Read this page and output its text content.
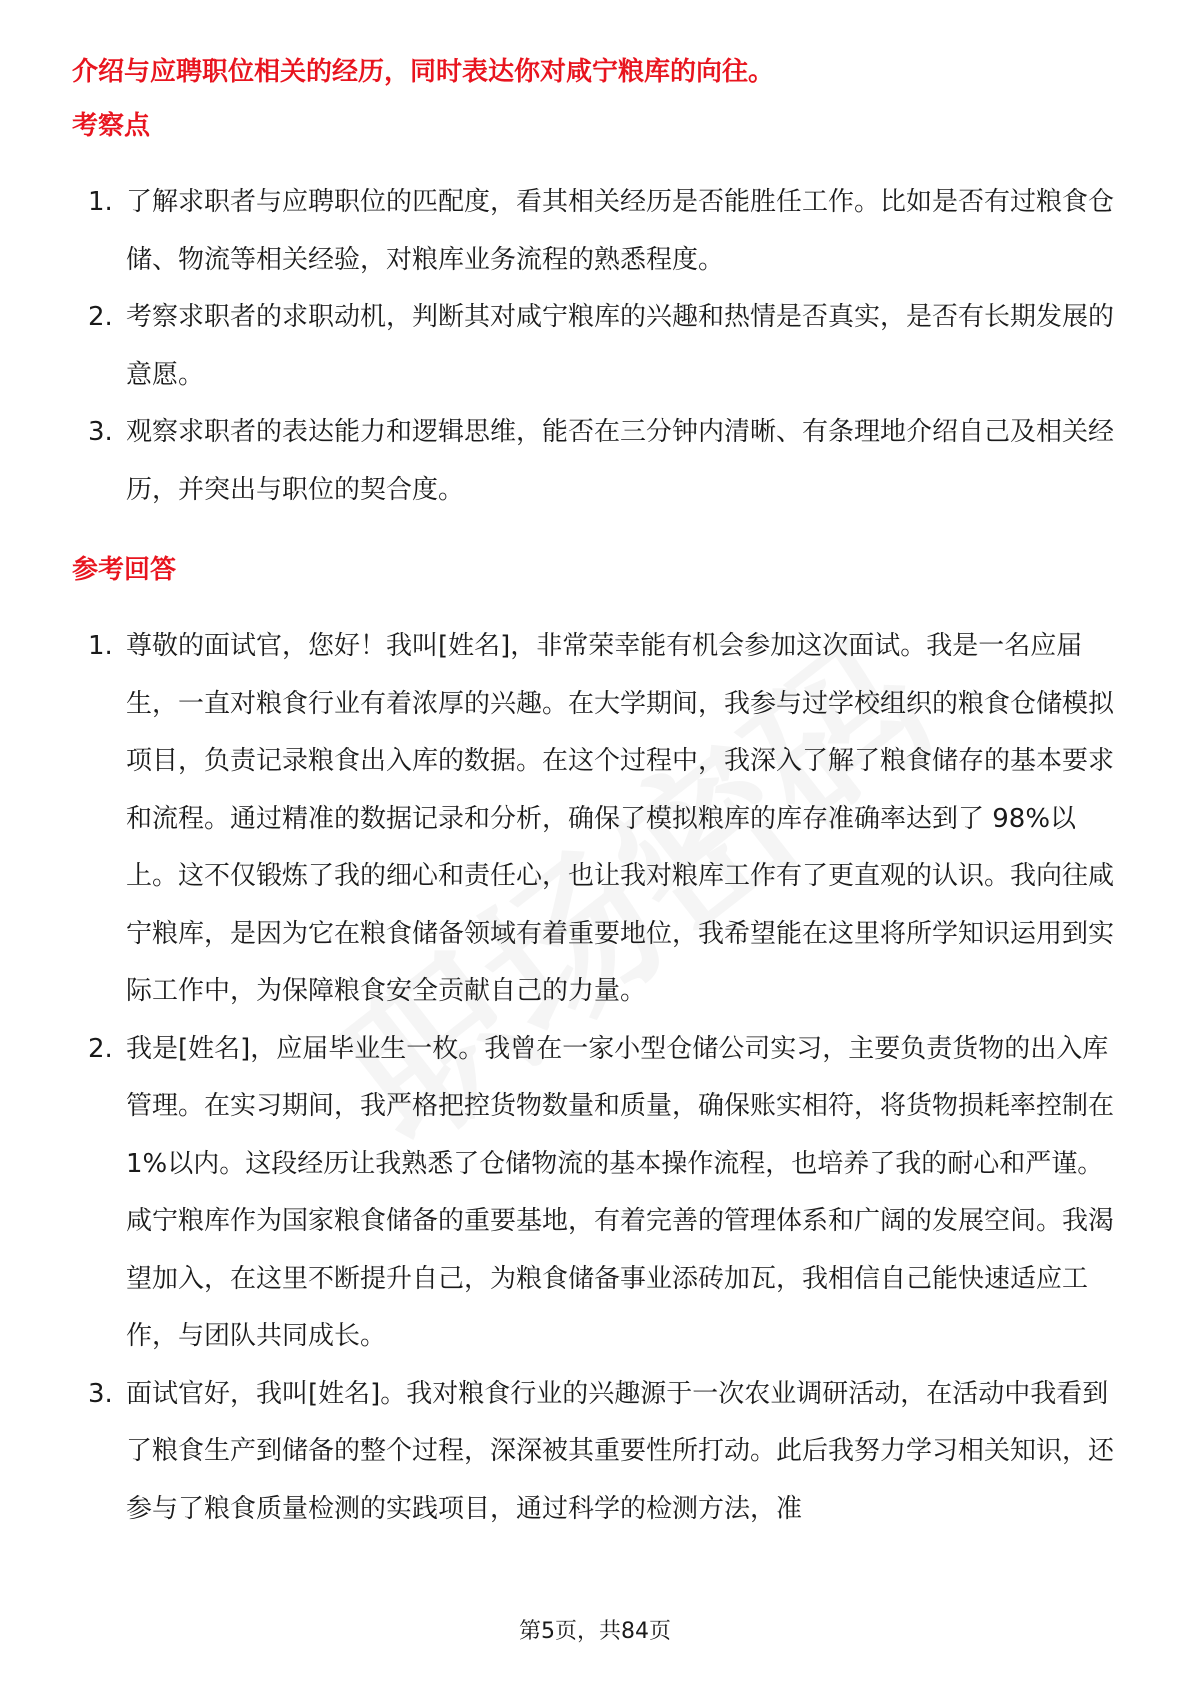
介绍与应聘职位相关的经历，同时表达你对咸宁粮库的向往。

考察点
1. 了解求职者与应聘职位的匹配度，看其相关经历是否能胜任工作。比如是否有过粮食仓储、物流等相关经验，对粮库业务流程的熟悉程度。
2. 考察求职者的求职动机，判断其对咸宁粮库的兴趣和热情是否真实，是否有长期发展的意愿。
3. 观察求职者的表达能力和逻辑思维，能否在三分钟内清晰、有条理地介绍自己及相关经历，并突出与职位的契合度。
参考回答
1. 尊敬的面试官，您好！我叫[姓名]，非常荣幸能有机会参加这次面试。我是一名应届生，一直对粮食行业有着浓厚的兴趣。在大学期间，我参与过学校组织的粮食仓储模拟项目，负责记录粮食出入库的数据。在这个过程中，我深入了解了粮食储存的基本要求和流程。通过精准的数据记录和分析，确保了模拟粮库的库存准确率达到了 98%以上。这不仅锻炼了我的细心和责任心，也让我对粮库工作有了更直观的认识。我向往咸宁粮库，是因为它在粮食储备领域有着重要地位，我希望能在这里将所学知识运用到实际工作中，为保障粮食安全贡献自己的力量。
2. 我是[姓名]，应届毕业生一枚。我曾在一家小型仓储公司实习，主要负责货物的出入库管理。在实习期间，我严格把控货物数量和质量，确保账实相符，将货物损耗率控制在 1%以内。这段经历让我熟悉了仓储物流的基本操作流程，也培养了我的耐心和严谨。咸宁粮库作为国家粮食储备的重要基地，有着完善的管理体系和广阔的发展空间。我渴望加入，在这里不断提升自己，为粮食储备事业添砖加瓦，我相信自己能快速适应工作，与团队共同成长。
3. 面试官好，我叫[姓名]。我对粮食行业的兴趣源于一次农业调研活动，在活动中我看到了粮食生产到储备的整个过程，深深被其重要性所打动。此后我努力学习相关知识，还参与了粮食质量检测的实践项目，通过科学的检测方法，准
第5页，共84页
